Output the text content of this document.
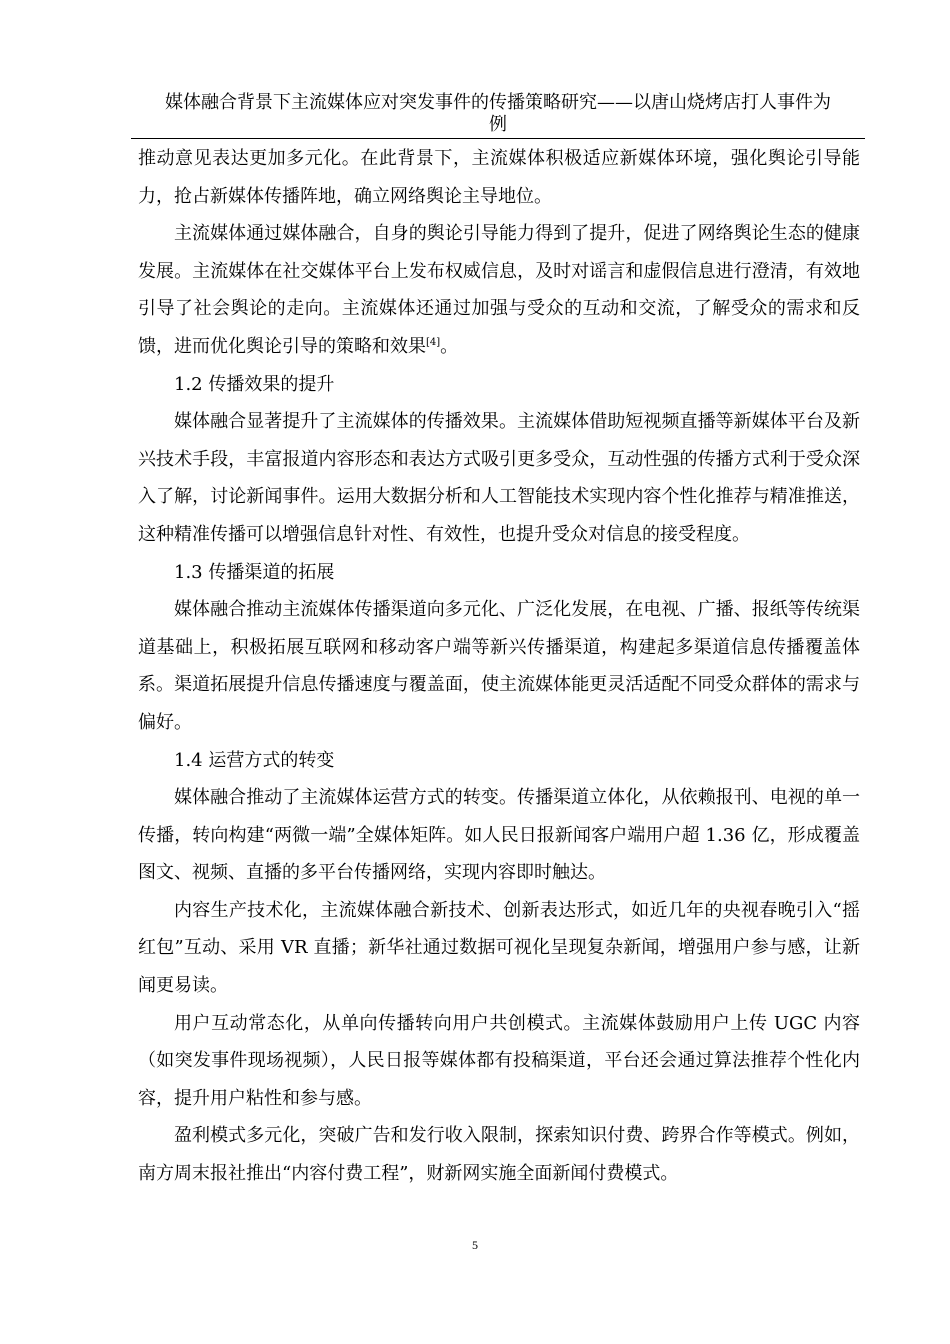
媒体融合背景下主流媒体应对突发事件的传播策略研究——以唐山烧烤店打人事件为
例

推动意见表达更加多元化。在此背景下，主流媒体积极适应新媒体环境，强化舆论引导能力，抢占新媒体传播阵地，确立网络舆论主导地位。

主流媒体通过媒体融合，自身的舆论引导能力得到了提升，促进了网络舆论生态的健康发展。主流媒体在社交媒体平台上发布权威信息，及时对谣言和虚假信息进行澄清，有效地引导了社会舆论的走向。主流媒体还通过加强与受众的互动和交流，了解受众的需求和反馈，进而优化舆论引导的策略和效果[4]。

1.2 传播效果的提升

媒体融合显著提升了主流媒体的传播效果。主流媒体借助短视频直播等新媒体平台及新兴技术手段，丰富报道内容形态和表达方式吸引更多受众，互动性强的传播方式利于受众深入了解，讨论新闻事件。运用大数据分析和人工智能技术实现内容个性化推荐与精准推送，这种精准传播可以增强信息针对性、有效性，也提升受众对信息的接受程度。

1.3 传播渠道的拓展

媒体融合推动主流媒体传播渠道向多元化、广泛化发展，在电视、广播、报纸等传统渠道基础上，积极拓展互联网和移动客户端等新兴传播渠道，构建起多渠道信息传播覆盖体系。渠道拓展提升信息传播速度与覆盖面，使主流媒体能更灵活适配不同受众群体的需求与偏好。

1.4 运营方式的转变

媒体融合推动了主流媒体运营方式的转变。传播渠道立体化，从依赖报刊、电视的单一传播，转向构建“两微一端”全媒体矩阵。如人民日报新闻客户端用户超 1.36 亿，形成覆盖图文、视频、直播的多平台传播网络，实现内容即时触达。

内容生产技术化，主流媒体融合新技术、创新表达形式，如近几年的央视春晚引入“摇红包”互动、采用 VR 直播；新华社通过数据可视化呈现复杂新闻，增强用户参与感，让新闻更易读。

用户互动常态化，从单向传播转向用户共创模式。主流媒体鼓励用户上传 UGC 内容（如突发事件现场视频），人民日报等媒体都有投稿渠道，平台还会通过算法推荐个性化内容，提升用户粘性和参与感。

盈利模式多元化，突破广告和发行收入限制，探索知识付费、跨界合作等模式。例如，南方周末报社推出“内容付费工程”，财新网实施全面新闻付费模式。

5
